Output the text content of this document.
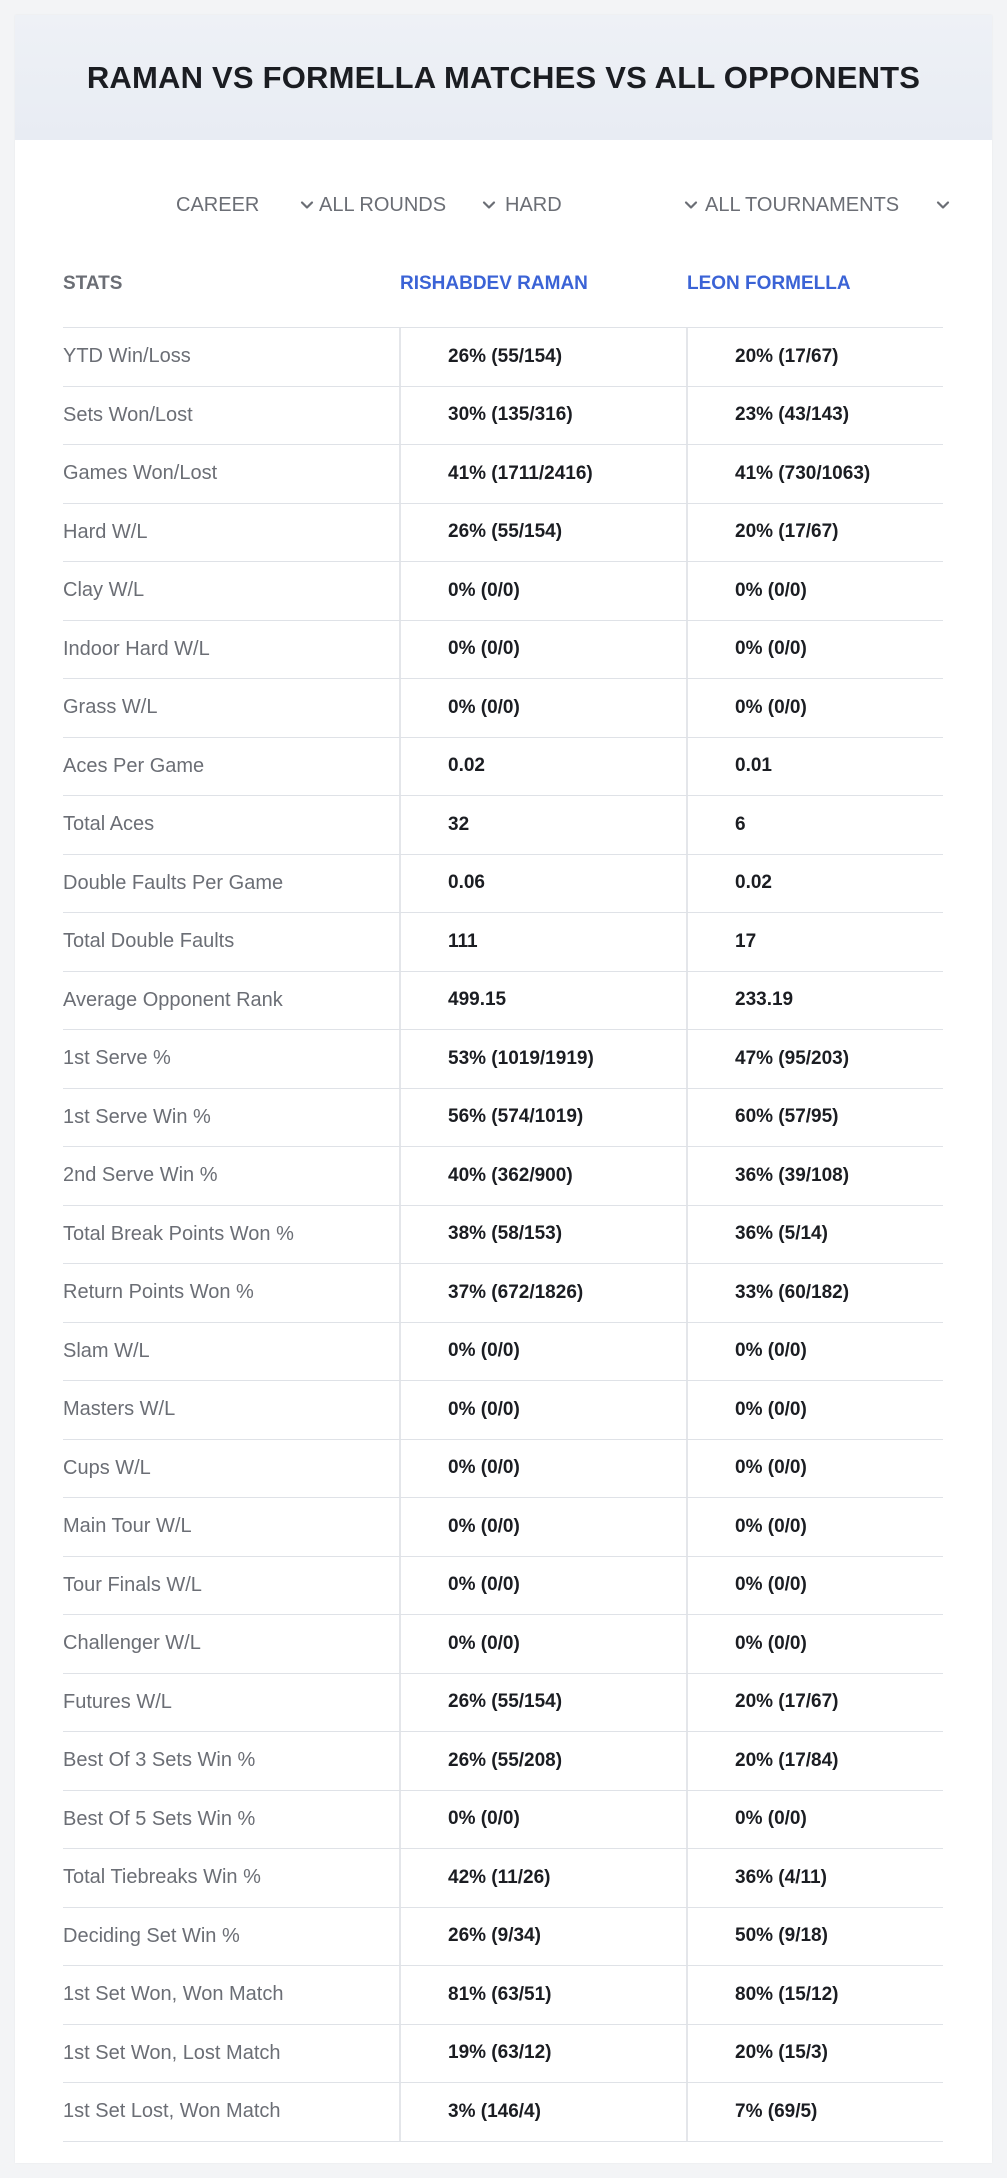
RAMAN VS FORMELLA MATCHES VS ALL OPPONENTS
CAREER	ALL ROUNDS	HARD	ALL TOURNAMENTS
STATS	RISHABDEV RAMAN	LEON FORMELLA
YTD Win/Loss	26% (55/154)	20% (17/67)
Sets Won/Lost	30% (135/316)	23% (43/143)
Games Won/Lost	41% (1711/2416)	41% (730/1063)
Hard W/L	26% (55/154)	20% (17/67)
Clay W/L	0% (0/0)	0% (0/0)
Indoor Hard W/L	0% (0/0)	0% (0/0)
Grass W/L	0% (0/0)	0% (0/0)
Aces Per Game	0.02	0.01
Total Aces	32	6
Double Faults Per Game	0.06	0.02
Total Double Faults	111	17
Average Opponent Rank	499.15	233.19
1st Serve %	53% (1019/1919)	47% (95/203)
1st Serve Win %	56% (574/1019)	60% (57/95)
2nd Serve Win %	40% (362/900)	36% (39/108)
Total Break Points Won %	38% (58/153)	36% (5/14)
Return Points Won %	37% (672/1826)	33% (60/182)
Slam W/L	0% (0/0)	0% (0/0)
Masters W/L	0% (0/0)	0% (0/0)
Cups W/L	0% (0/0)	0% (0/0)
Main Tour W/L	0% (0/0)	0% (0/0)
Tour Finals W/L	0% (0/0)	0% (0/0)
Challenger W/L	0% (0/0)	0% (0/0)
Futures W/L	26% (55/154)	20% (17/67)
Best Of 3 Sets Win %	26% (55/208)	20% (17/84)
Best Of 5 Sets Win %	0% (0/0)	0% (0/0)
Total Tiebreaks Win %	42% (11/26)	36% (4/11)
Deciding Set Win %	26% (9/34)	50% (9/18)
1st Set Won, Won Match	81% (63/51)	80% (15/12)
1st Set Won, Lost Match	19% (63/12)	20% (15/3)
1st Set Lost, Won Match	3% (146/4)	7% (69/5)
